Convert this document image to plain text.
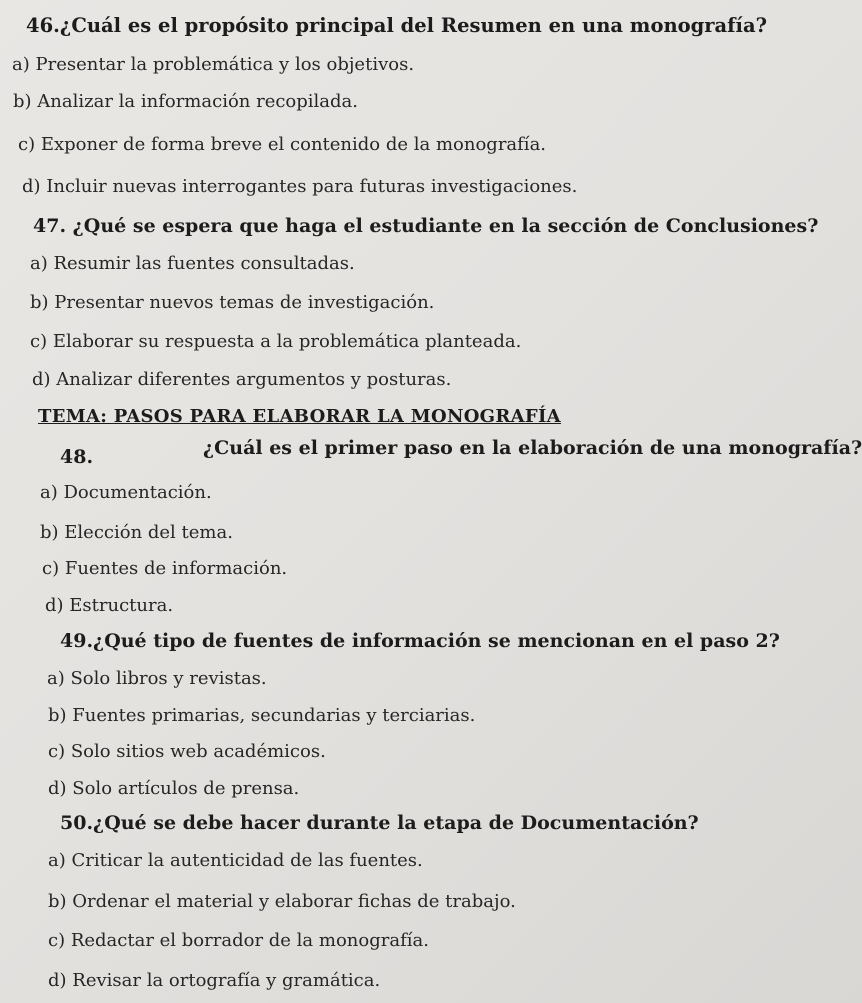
46.¿Cuál es el propósito principal del Resumen en una monografía?
a) Presentar la problemática y los objetivos.
b) Analizar la información recopilada.
c) Exponer de forma breve el contenido de la monografía.
d) Incluir nuevas interrogantes para futuras investigaciones.
47. ¿Qué se espera que haga el estudiante en la sección de Conclusiones?
a) Resumir las fuentes consultadas.
b) Presentar nuevos temas de investigación.
c) Elaborar su respuesta a la problemática planteada.
d) Analizar diferentes argumentos y posturas.
TEMA: PASOS PARA ELABORAR LA MONOGRAFÍA
48.	¿Cuál es el primer paso en la elaboración de una monografía?
a) Documentación.
b) Elección del tema.
c) Fuentes de información.
d) Estructura.
49.¿Qué tipo de fuentes de información se mencionan en el paso 2?
a) Solo libros y revistas.
b) Fuentes primarias, secundarias y terciarias.
c) Solo sitios web académicos.
d) Solo artículos de prensa.
50.¿Qué se debe hacer durante la etapa de Documentación?
a) Criticar la autenticidad de las fuentes.
b) Ordenar el material y elaborar fichas de trabajo.
c) Redactar el borrador de la monografía.
d) Revisar la ortografía y gramática.
